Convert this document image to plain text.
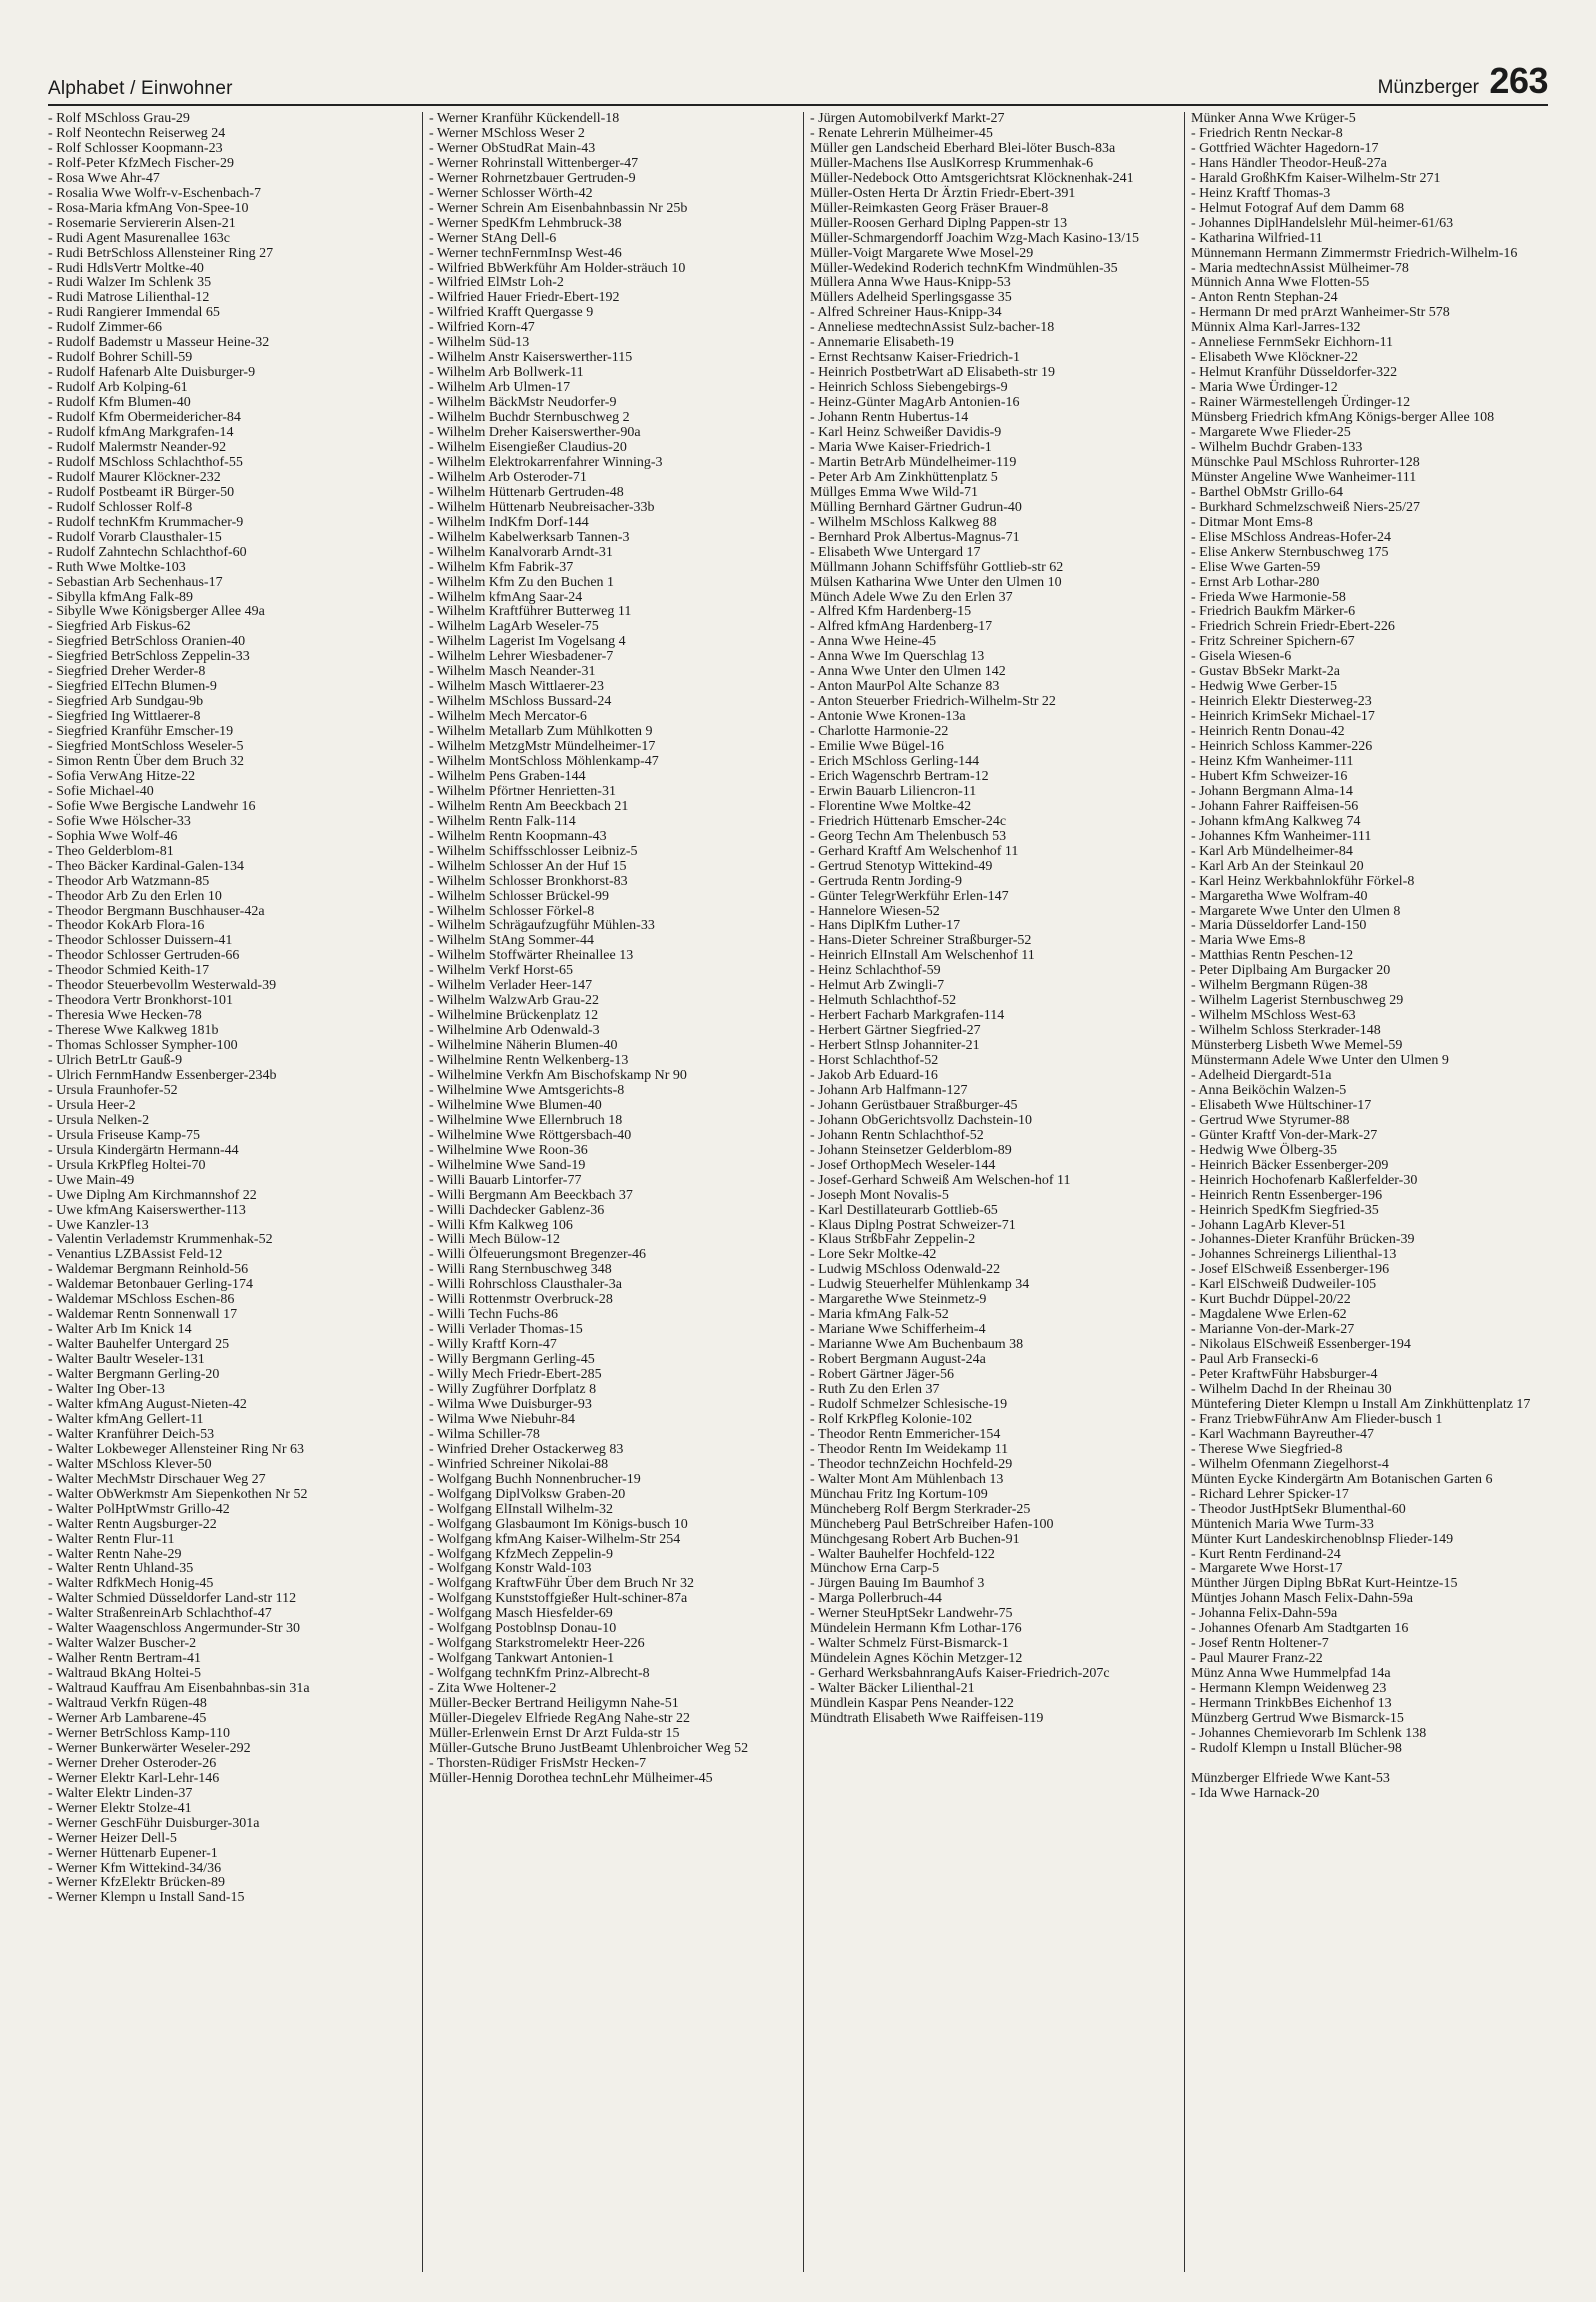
Alphabet / Einwohner	Münzberger 263
- Rolf MSchloss Grau-29
- Rolf Neontechn Reiserweg 24
- Rolf Schlosser Koopmann-23
- Rolf-Peter KfzMech Fischer-29
- Rosa Wwe Ahr-47
- Rosalia Wwe Wolfr-v-Eschenbach-7
- Rosa-Maria kfmAng Von-Spee-10
- Rosemarie Serviererin Alsen-21
- Rudi Agent Masurenallee 163c
- Rudi BetrSchloss Allensteiner Ring 27
- Rudi HdlsVertr Moltke-40
- Rudi Walzer Im Schlenk 35
- Rudi Matrose Lilienthal-12
- Rudi Rangierer Immendal 65
- Rudolf Zimmer-66
- Rudolf Bademstr u Masseur Heine-32
- Rudolf Bohrer Schill-59
- Rudolf Hafenarb Alte Duisburger-9
- Rudolf Arb Kolping-61
- Rudolf Kfm Blumen-40
- Rudolf Kfm Obermeidericher-84
- Rudolf kfmAng Markgrafen-14
- Rudolf Malermstr Neander-92
- Rudolf MSchloss Schlachthof-55
- Rudolf Maurer Klöckner-232
- Rudolf Postbeamt iR Bürger-50
- Rudolf Schlosser Rolf-8
- Rudolf technKfm Krummacher-9
- Rudolf Vorarb Clausthaler-15
- Rudolf Zahntechn Schlachthof-60
- Ruth Wwe Moltke-103
- Sebastian Arb Sechenhaus-17
- Sibylla kfmAng Falk-89
- Sibylle Wwe Königsberger Allee 49a
- Siegfried Arb Fiskus-62
- Siegfried BetrSchloss Oranien-40
- Siegfried BetrSchloss Zeppelin-33
- Siegfried Dreher Werder-8
- Siegfried ElTechn Blumen-9
- Siegfried Arb Sundgau-9b
- Siegfried Ing Wittlaerer-8
- Siegfried Kranführ Emscher-19
- Siegfried MontSchloss Weseler-5
- Simon Rentn Über dem Bruch 32
- Sofia VerwAng Hitze-22
- Sofie Michael-40
- Sofie Wwe Bergische Landwehr 16
- Sofie Wwe Hölscher-33
- Sophia Wwe Wolf-46
- Theo Gelderblom-81
- Theo Bäcker Kardinal-Galen-134
- Theodor Arb Watzmann-85
- Theodor Arb Zu den Erlen 10
- Theodor Bergmann Buschhauser-42a
- Theodor KokArb Flora-16
- Theodor Schlosser Duissern-41
- Theodor Schlosser Gertruden-66
- Theodor Schmied Keith-17
- Theodor Steuerbevollm Westerwald-39
- Theodora Vertr Bronkhorst-101
- Theresia Wwe Hecken-78
- Therese Wwe Kalkweg 181b
- Thomas Schlosser Sympher-100
- Ulrich BetrLtr Gauß-9
- Ulrich FernmHandw Essenberger-234b
- Ursula Fraunhofer-52
- Ursula Heer-2
- Ursula Nelken-2
- Ursula Friseuse Kamp-75
- Ursula Kindergärtn Hermann-44
- Ursula KrkPfleg Holtei-70
- Uwe Main-49
- Uwe Diplng Am Kirchmannshof 22
- Uwe kfmAng Kaiserswerther-113
- Uwe Kanzler-13
- Valentin Verlademstr Krummenhak-52
- Venantius LZBAssist Feld-12
- Waldemar Bergmann Reinhold-56
- Waldemar Betonbauer Gerling-174
- Waldemar MSchloss Eschen-86
- Waldemar Rentn Sonnenwall 17
- Walter Arb Im Knick 14
- Walter Bauhelfer Untergard 25
- Walter Baultr Weseler-131
- Walter Bergmann Gerling-20
- Walter Ing Ober-13
- Walter kfmAng August-Nieten-42
- Walter kfmAng Gellert-11
- Walter Kranführer Deich-53
- Walter Lokbeweger Allensteiner Ring Nr 63
- Walter MSchloss Klever-50
- Walter MechMstr Dirschauer Weg 27
- Walter ObWerkmstr Am Siepenkothen Nr 52
- Walter PolHptWmstr Grillo-42
- Walter Rentn Augsburger-22
- Walter Rentn Flur-11
- Walter Rentn Nahe-29
- Walter Rentn Uhland-35
- Walter RdfkMech Honig-45
- Walter Schmied Düsseldorfer Land-str 112
- Walter StraßenreinArb Schlachthof-47
- Walter Waagenschloss Angermunder-Str 30
- Walter Walzer Buscher-2
- Walher Rentn Bertram-41
- Waltraud BkAng Holtei-5
- Waltraud Kauffrau Am Eisenbahnbas-sin 31a
- Waltraud Verkfn Rügen-48
- Werner Arb Lambarene-45
- Werner BetrSchloss Kamp-110
- Werner Bunkerwärter Weseler-292
- Werner Dreher Osteroder-26
- Werner Elektr Karl-Lehr-146
- Walter Elektr Linden-37
- Werner Elektr Stolze-41
- Werner GeschFühr Duisburger-301a
- Werner Heizer Dell-5
- Werner Hüttenarb Eupener-1
- Werner Kfm Wittekind-34/36
- Werner KfzElektr Brücken-89
- Werner Klempn u Install Sand-15
- Werner Kranführ Kückendell-18
- Werner MSchloss Weser 2
- Werner ObStudRat Main-43
- Werner Rohrinstall Wittenberger-47
- Werner Rohrnetzbauer Gertruden-9
- Werner Schlosser Wörth-42
- Werner Schrein Am Eisenbahnbassin Nr 25b
- Werner SpedKfm Lehmbruck-38
- Werner StAng Dell-6
- Werner technFernmInsp West-46
- Wilfried BbWerkführ Am Holder-sträuch 10
- Wilfried ElMstr Loh-2
- Wilfried Hauer Friedr-Ebert-192
- Wilfried Krafft Quergasse 9
- Wilfried Korn-47
- Wilhelm Süd-13
- Wilhelm Anstr Kaiserswerther-115
- Wilhelm Arb Bollwerk-11
- Wilhelm Arb Ulmen-17
- Wilhelm BäckMstr Neudorfer-9
- Wilhelm Buchdr Sternbuschweg 2
- Wilhelm Dreher Kaiserswerther-90a
- Wilhelm Eisengießer Claudius-20
- Wilhelm Elektrokarrenfahrer Winning-3
- Wilhelm Arb Osteroder-71
- Wilhelm Hüttenarb Gertruden-48
- Wilhelm Hüttenarb Neubreisacher-33b
- Wilhelm IndKfm Dorf-144
- Wilhelm Kabelwerksarb Tannen-3
- Wilhelm Kanalvorarb Arndt-31
- Wilhelm Kfm Fabrik-37
- Wilhelm Kfm Zu den Buchen 1
- Wilhelm kfmAng Saar-24
- Wilhelm Kraftführer Butterweg 11
- Wilhelm LagArb Weseler-75
- Wilhelm Lagerist Im Vogelsang 4
- Wilhelm Lehrer Wiesbadener-7
- Wilhelm Masch Neander-31
- Wilhelm Masch Wittlaerer-23
- Wilhelm MSchloss Bussard-24
- Wilhelm Mech Mercator-6
- Wilhelm Metallarb Zum Mühlkotten 9
- Wilhelm MetzgMstr Mündelheimer-17
- Wilhelm MontSchloss Möhlenkamp-47
- Wilhelm Pens Graben-144
- Wilhelm Pförtner Henrietten-31
- Wilhelm Rentn Am Beeckbach 21
- Wilhelm Rentn Falk-114
- Wilhelm Rentn Koopmann-43
- Wilhelm Schiffsschlosser Leibniz-5
- Wilhelm Schlosser An der Huf 15
- Wilhelm Schlosser Bronkhorst-83
- Wilhelm Schlosser Brückel-99
- Wilhelm Schlosser Förkel-8
- Wilhelm Schrägaufzugführ Mühlen-33
- Wilhelm StAng Sommer-44
- Wilhelm Stoffwärter Rheinallee 13
- Wilhelm Verkf Horst-65
- Wilhelm Verlader Heer-147
- Wilhelm WalzwArb Grau-22
- Wilhelmine Brückenplatz 12
- Wilhelmine Arb Odenwald-3
- Wilhelmine Näherin Blumen-40
- Wilhelmine Rentn Welkenberg-13
- Wilhelmine Verkfn Am Bischofskamp Nr 90
- Wilhelmine Wwe Amtsgerichts-8
- Wilhelmine Wwe Blumen-40
- Wilhelmine Wwe Ellernbruch 18
- Wilhelmine Wwe Röttgersbach-40
- Wilhelmine Wwe Roon-36
- Wilhelmine Wwe Sand-19
- Willi Bauarb Lintorfer-77
- Willi Bergmann Am Beeckbach 37
- Willi Dachdecker Gablenz-36
- Willi Kfm Kalkweg 106
- Willi Mech Bülow-12
- Willi Ölfeuerungsmont Bregenzer-46
- Willi Rang Sternbuschweg 348
- Willi Rohrschloss Clausthaler-3a
- Willi Rottenmstr Overbruck-28
- Willi Techn Fuchs-86
- Willi Verlader Thomas-15
- Willy Kraftf Korn-47
- Willy Bergmann Gerling-45
- Willy Mech Friedr-Ebert-285
- Willy Zugführer Dorfplatz 8
- Wilma Wwe Duisburger-93
- Wilma Wwe Niebuhr-84
- Wilma Schiller-78
- Winfried Dreher Ostackerweg 83
- Winfried Schreiner Nikolai-88
- Wolfgang Buchh Nonnenbrucher-19
- Wolfgang DiplVolksw Graben-20
- Wolfgang ElInstall Wilhelm-32
- Wolfgang Glasbaumont Im Königs-busch 10
- Wolfgang kfmAng Kaiser-Wilhelm-Str 254
- Wolfgang KfzMech Zeppelin-9
- Wolfgang Konstr Wald-103
- Wolfgang KraftwFühr Über dem Bruch Nr 32
- Wolfgang Kunststoffgießer Hult-schiner-87a
- Wolfgang Masch Hiesfelder-69
- Wolfgang Postoblnsp Donau-10
- Wolfgang Starkstromelektr Heer-226
- Wolfgang Tankwart Antonien-1
- Wolfgang technKfm Prinz-Albrecht-8
- Zita Wwe Holtener-2
Müller-Becker Bertrand Heiligymn Nahe-51
Müller-Diegelev Elfriede RegAng Nahe-str 22
Müller-Erlenwein Ernst Dr Arzt Fulda-str 15
Müller-Gutsche Bruno JustBeamt Uhlenbroicher Weg 52
- Thorsten-Rüdiger FrisMstr Hecken-7
Müller-Hennig Dorothea technLehr Mülheimer-45
- Jürgen Automobilverkf Markt-27
- Renate Lehrerin Mülheimer-45
Müller gen Landscheid Eberhard Blei-löter Busch-83a
Müller-Machens Ilse AuslKorresp Krummenhak-6
Müller-Nedebock Otto Amtsgerichtsrat Klöcknenhak-241
Müller-Osten Herta Dr Ärztin Friedr-Ebert-391
Müller-Reimkasten Georg Fräser Brauer-8
Müller-Roosen Gerhard Diplng Pappen-str 13
Müller-Schmargendorff Joachim Wzg-Mach Kasino-13/15
Müller-Voigt Margarete Wwe Mosel-29
Müller-Wedekind Roderich technKfm Windmühlen-35
Müllera Anna Wwe Haus-Knipp-53
Müllers Adelheid Sperlingsgasse 35
- Alfred Schreiner Haus-Knipp-34
- Anneliese medtechnAssist Sulz-bacher-18
- Annemarie Elisabeth-19
- Ernst Rechtsanw Kaiser-Friedrich-1
- Heinrich PostbetrWart aD Elisabeth-str 19
- Heinrich Schloss Siebengebirgs-9
- Heinz-Günter MagArb Antonien-16
- Johann Rentn Hubertus-14
- Karl Heinz Schweißer Davidis-9
- Maria Wwe Kaiser-Friedrich-1
- Martin BetrArb Mündelheimer-119
- Peter Arb Am Zinkhüttenplatz 5
Müllges Emma Wwe Wild-71
Mülling Bernhard Gärtner Gudrun-40
- Wilhelm MSchloss Kalkweg 88
- Bernhard Prok Albertus-Magnus-71
- Elisabeth Wwe Untergard 17
Müllmann Johann Schiffsführ Gottlieb-str 62
Mülsen Katharina Wwe Unter den Ulmen 10
Münch Adele Wwe Zu den Erlen 37
- Alfred Kfm Hardenberg-15
- Alfred kfmAng Hardenberg-17
- Anna Wwe Heine-45
- Anna Wwe Im Querschlag 13
- Anna Wwe Unter den Ulmen 142
- Anton MaurPol Alte Schanze 83
- Anton Steuerber Friedrich-Wilhelm-Str 22
- Antonie Wwe Kronen-13a
- Charlotte Harmonie-22
- Emilie Wwe Bügel-16
- Erich MSchloss Gerling-144
- Erich Wagenschrb Bertram-12
- Erwin Bauarb Liliencron-11
- Florentine Wwe Moltke-42
- Friedrich Hüttenarb Emscher-24c
- Georg Techn Am Thelenbusch 53
- Gerhard Kraftf Am Welschenhof 11
- Gertrud Stenotyp Wittekind-49
- Gertruda Rentn Jording-9
- Günter TelegrWerkführ Erlen-147
- Hannelore Wiesen-52
- Hans DiplKfm Luther-17
- Hans-Dieter Schreiner Straßburger-52
- Heinrich ElInstall Am Welschenhof 11
- Heinz Schlachthof-59
- Helmut Arb Zwingli-7
- Helmuth Schlachthof-52
- Herbert Facharb Markgrafen-114
- Herbert Gärtner Siegfried-27
- Herbert Stlnsp Johanniter-21
- Horst Schlachthof-52
- Jakob Arb Eduard-16
- Johann Arb Halfmann-127
- Johann Gerüstbauer Straßburger-45
- Johann ObGerichtsvollz Dachstein-10
- Johann Rentn Schlachthof-52
- Johann Steinsetzer Gelderblom-89
- Josef OrthopMech Weseler-144
- Josef-Gerhard Schweiß Am Welschen-hof 11
- Joseph Mont Novalis-5
- Karl Destillateurarb Gottlieb-65
- Klaus Diplng Postrat Schweizer-71
- Klaus StrßbFahr Zeppelin-2
- Lore Sekr Moltke-42
- Ludwig MSchloss Odenwald-22
- Ludwig Steuerhelfer Mühlenkamp 34
- Margarethe Wwe Steinmetz-9
- Maria kfmAng Falk-52
- Mariane Wwe Schifferheim-4
- Marianne Wwe Am Buchenbaum 38
- Robert Bergmann August-24a
- Robert Gärtner Jäger-56
- Ruth Zu den Erlen 37
- Rudolf Schmelzer Schlesische-19
- Rolf KrkPfleg Kolonie-102
- Theodor Rentn Emmericher-154
- Theodor Rentn Im Weidekamp 11
- Theodor technZeichn Hochfeld-29
- Walter Mont Am Mühlenbach 13
Münchau Fritz Ing Kortum-109
Müncheberg Rolf Bergm Sterkrader-25
Müncheberg Paul BetrSchreiber Hafen-100
Münchgesang Robert Arb Buchen-91
- Walter Bauhelfer Hochfeld-122
Münchow Erna Carp-5
- Jürgen Bauing Im Baumhof 3
- Marga Pollerbruch-44
- Werner SteuHptSekr Landwehr-75
Mündelein Hermann Kfm Lothar-176
- Walter Schmelz Fürst-Bismarck-1
Mündelein Agnes Köchin Metzger-12
- Gerhard WerksbahnrangAufs Kaiser-Friedrich-207c
- Walter Bäcker Lilienthal-21
Mündlein Kaspar Pens Neander-122
Mündtrath Elisabeth Wwe Raiffeisen-119
Münker Anna Wwe Krüger-5
- Friedrich Rentn Neckar-8
- Gottfried Wächter Hagedorn-17
- Hans Händler Theodor-Heuß-27a
- Harald GroßhKfm Kaiser-Wilhelm-Str 271
- Heinz Kraftf Thomas-3
- Helmut Fotograf Auf dem Damm 68
- Johannes DiplHandelslehr Mül-heimer-61/63
- Katharina Wilfried-11
Münnemann Hermann Zimmermstr Friedrich-Wilhelm-16
- Maria medtechnAssist Mülheimer-78
Münnich Anna Wwe Flotten-55
- Anton Rentn Stephan-24
- Hermann Dr med prArzt Wanheimer-Str 578
Münnix Alma Karl-Jarres-132
- Anneliese FernmSekr Eichhorn-11
- Elisabeth Wwe Klöckner-22
- Helmut Kranführ Düsseldorfer-322
- Maria Wwe Ürdinger-12
- Rainer Wärmestellengeh Ürdinger-12
Münsberg Friedrich kfmAng Königs-berger Allee 108
- Margarete Wwe Flieder-25
- Wilhelm Buchdr Graben-133
Münschke Paul MSchloss Ruhrorter-128
Münster Angeline Wwe Wanheimer-111
- Barthel ObMstr Grillo-64
- Burkhard Schmelzschweiß Niers-25/27
- Ditmar Mont Ems-8
- Elise MSchloss Andreas-Hofer-24
- Elise Ankerw Sternbuschweg 175
- Elise Wwe Garten-59
- Ernst Arb Lothar-280
- Frieda Wwe Harmonie-58
- Friedrich Baukfm Märker-6
- Friedrich Schrein Friedr-Ebert-226
- Fritz Schreiner Spichern-67
- Gisela Wiesen-6
- Gustav BbSekr Markt-2a
- Hedwig Wwe Gerber-15
- Heinrich Elektr Diesterweg-23
- Heinrich KrimSekr Michael-17
- Heinrich Rentn Donau-42
- Heinrich Schloss Kammer-226
- Heinz Kfm Wanheimer-111
- Hubert Kfm Schweizer-16
- Johann Bergmann Alma-14
- Johann Fahrer Raiffeisen-56
- Johann kfmAng Kalkweg 74
- Johannes Kfm Wanheimer-111
- Karl Arb Mündelheimer-84
- Karl Arb An der Steinkaul 20
- Karl Heinz Werkbahnlokführ Förkel-8
- Margaretha Wwe Wolfram-40
- Margarete Wwe Unter den Ulmen 8
- Maria Düsseldorfer Land-150
- Maria Wwe Ems-8
- Matthias Rentn Peschen-12
- Peter Diplbaing Am Burgacker 20
- Wilhelm Bergmann Rügen-38
- Wilhelm Lagerist Sternbuschweg 29
- Wilhelm MSchloss West-63
- Wilhelm Schloss Sterkrader-148
Münsterberg Lisbeth Wwe Memel-59
Münstermann Adele Wwe Unter den Ulmen 9
- Adelheid Diergardt-51a
- Anna Beiköchin Walzen-5
- Elisabeth Wwe Hültschiner-17
- Gertrud Wwe Styrumer-88
- Günter Kraftf Von-der-Mark-27
- Hedwig Wwe Ölberg-35
- Heinrich Bäcker Essenberger-209
- Heinrich Hochofenarb Kaßlerfelder-30
- Heinrich Rentn Essenberger-196
- Heinrich SpedKfm Siegfried-35
- Johann LagArb Klever-51
- Johannes-Dieter Kranführ Brücken-39
- Johannes Schreinergs Lilienthal-13
- Josef ElSchweiß Essenberger-196
- Karl ElSchweiß Dudweiler-105
- Kurt Buchdr Düppel-20/22
- Magdalene Wwe Erlen-62
- Marianne Von-der-Mark-27
- Nikolaus ElSchweiß Essenberger-194
- Paul Arb Fransecki-6
- Peter KraftwFühr Habsburger-4
- Wilhelm Dachd In der Rheinau 30
Müntefering Dieter Klempn u Install Am Zinkhüttenplatz 17
- Franz TriebwFührAnw Am Flieder-busch 1
- Karl Wachmann Bayreuther-47
- Therese Wwe Siegfried-8
- Wilhelm Ofenmann Ziegelhorst-4
Münten Eycke Kindergärtn Am Botanischen Garten 6
- Richard Lehrer Spicker-17
- Theodor JustHptSekr Blumenthal-60
Müntenich Maria Wwe Turm-33
Münter Kurt Landeskirchenoblnsp Flieder-149
- Kurt Rentn Ferdinand-24
- Margarete Wwe Horst-17
Münther Jürgen Diplng BbRat Kurt-Heintze-15
Müntjes Johann Masch Felix-Dahn-59a
- Johanna Felix-Dahn-59a
- Johannes Ofenarb Am Stadtgarten 16
- Josef Rentn Holtener-7
- Paul Maurer Franz-22
Münz Anna Wwe Hummelpfad 14a
- Hermann Klempn Weidenweg 23
- Hermann TrinkbBes Eichenhof 13
Münzberg Gertrud Wwe Bismarck-15
- Johannes Chemievorarb Im Schlenk 138
- Rudolf Klempn u Install Blücher-98

Münzberger Elfriede Wwe Kant-53
- Ida Wwe Harnack-20
